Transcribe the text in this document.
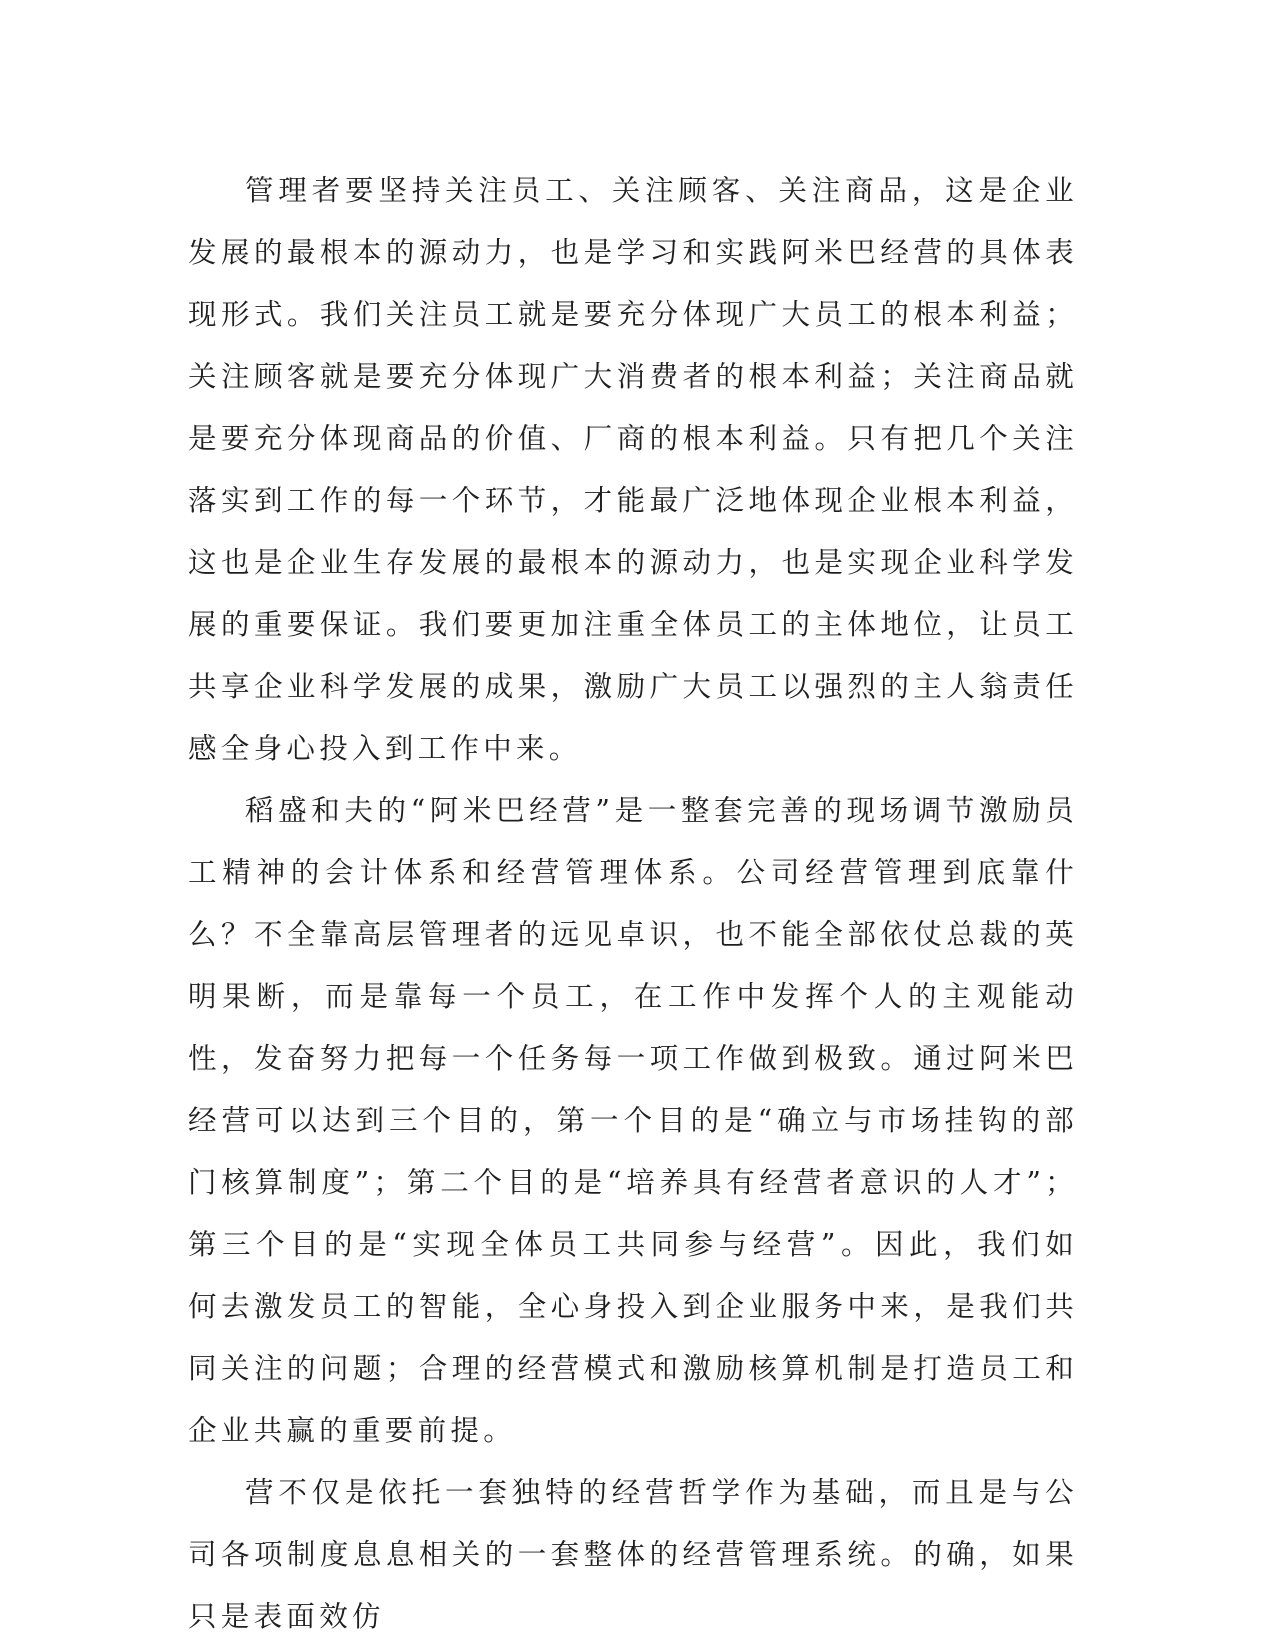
管理者要坚持关注员工、关注顾客、关注商品，这是企业发展的最根本的源动力，也是学习和实践阿米巴经营的具体表现形式。我们关注员工就是要充分体现广大员工的根本利益；关注顾客就是要充分体现广大消费者的根本利益；关注商品就是要充分体现商品的价值、厂商的根本利益。只有把几个关注落实到工作的每一个环节，才能最广泛地体现企业根本利益，这也是企业生存发展的最根本的源动力，也是实现企业科学发展的重要保证。我们要更加注重全体员工的主体地位，让员工共享企业科学发展的成果，激励广大员工以强烈的主人翁责任感全身心投入到工作中来。

稻盛和夫的“阿米巴经营”是一整套完善的现场调节激励员工精神的会计体系和经营管理体系。公司经营管理到底靠什么？不全靠高层管理者的远见卓识，也不能全部依仗总裁的英明果断，而是靠每一个员工，在工作中发挥个人的主观能动性，发奋努力把每一个任务每一项工作做到极致。通过阿米巴经营可以达到三个目的，第一个目的是“确立与市场挂钩的部门核算制度”；第二个目的是“培养具有经营者意识的人才”；第三个目的是“实现全体员工共同参与经营”。因此，我们如何去激发员工的智能，全心身投入到企业服务中来，是我们共同关注的问题；合理的经营模式和激励核算机制是打造员工和企业共赢的重要前提。

营不仅是依托一套独特的经营哲学作为基础，而且是与公司各项制度息息相关的一套整体的经营管理系统。的确，如果只是表面效仿
